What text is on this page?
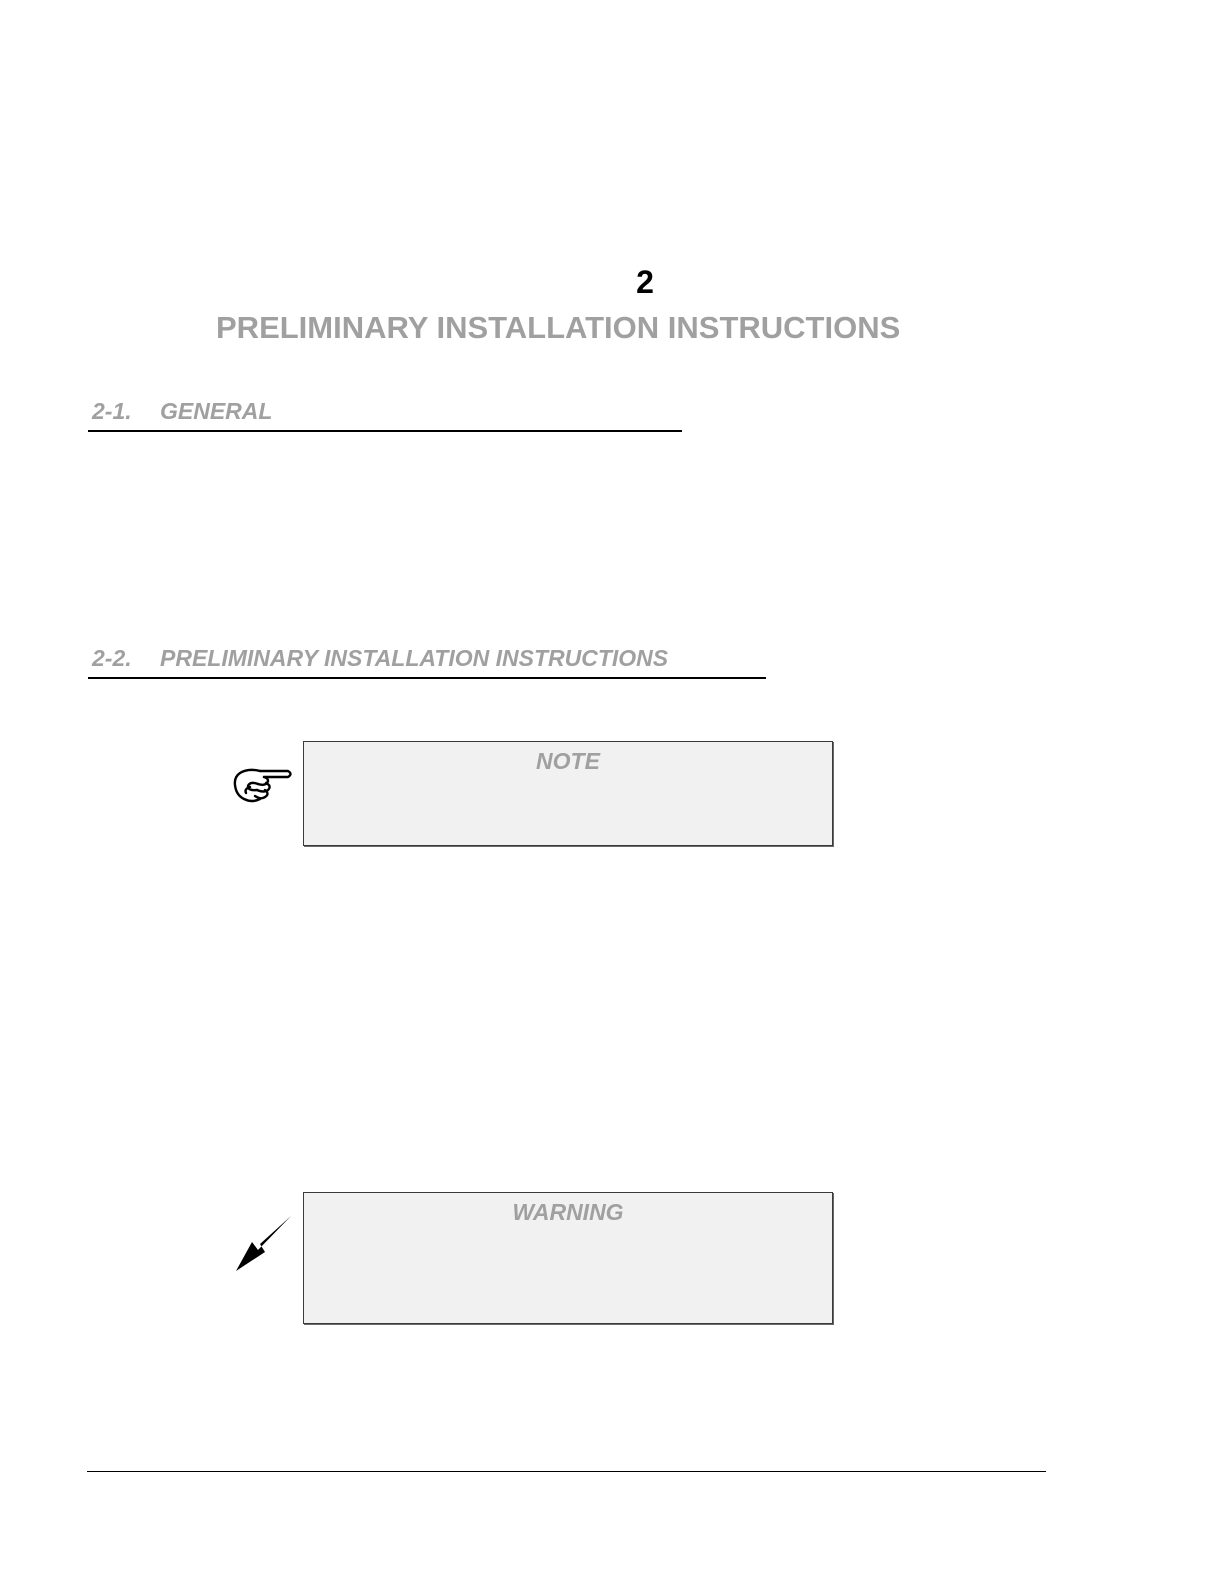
2
PRELIMINARY INSTALLATION INSTRUCTIONS
2-1. GENERAL
2-2. PRELIMINARY INSTALLATION INSTRUCTIONS
NOTE
WARNING
